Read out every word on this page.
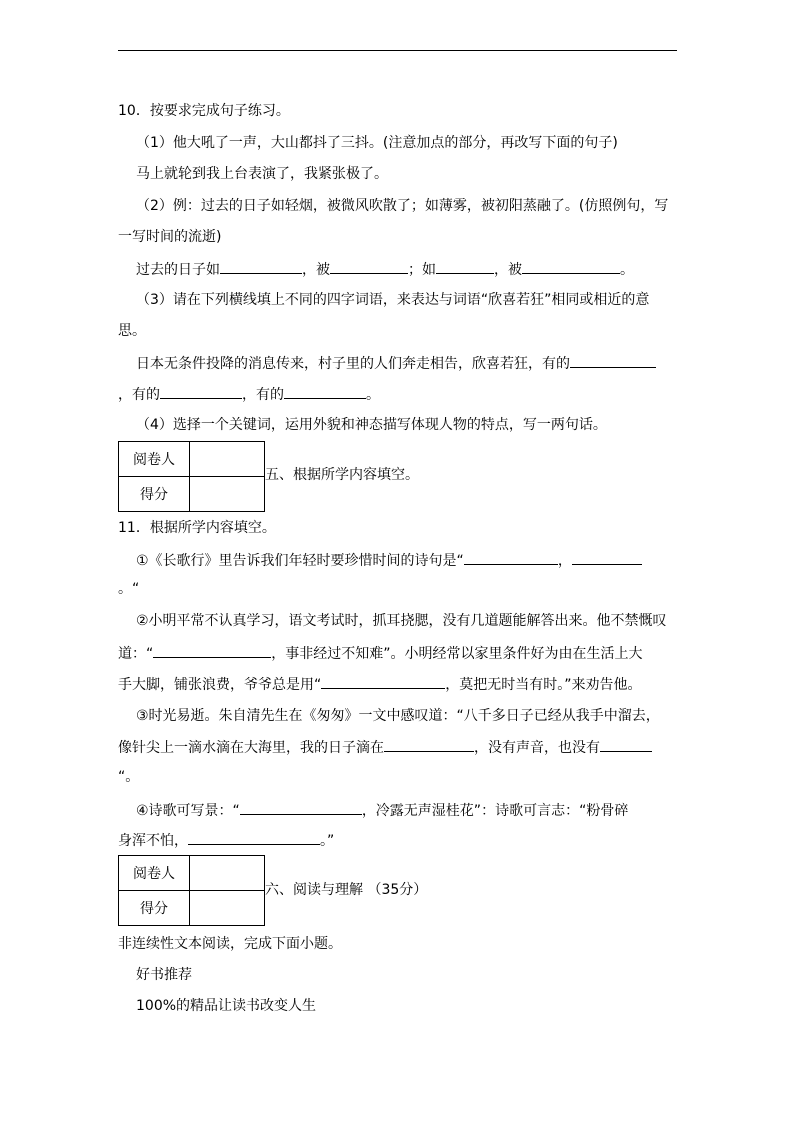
10．按要求完成句子练习。
（1）他大吼了一声，大山都抖了三抖。(注意加点的部分，再改写下面的句子)
马上就轮到我上台表演了，我紧张极了。
（2）例：过去的日子如轻烟，被微风吹散了；如薄雾，被初阳蒸融了。(仿照例句，写
一写时间的流逝)
过去的日子如	，被	；如	，被	。
（3）请在下列横线填上不同的四字词语，来表达与词语“欣喜若狂”相同或相近的意
思。
日本无条件投降的消息传来，村子里的人们奔走相告，欣喜若狂，有的
，有的	，有的	。
（4）选择一个关键词，运用外貌和神态描写体现人物的特点，写一两句话。
阅卷人	
得分	
五、根据所学内容填空。
11．根据所学内容填空。
①《长歌行》里告诉我们年轻时要珍惜时间的诗句是“	，
。“
②小明平常不认真学习，语文考试时，抓耳挠腮，没有几道题能解答出来。他不禁慨叹
道：“	，事非经过不知难”。小明经常以家里条件好为由在生活上大
手大脚，铺张浪费，爷爷总是用“	，莫把无时当有时。”来劝告他。
③时光易逝。朱自清先生在《匆匆》一文中感叹道：“八千多日子已经从我手中溜去，
像针尖上一滴水滴在大海里，我的日子滴在	，没有声音，也没有
“。
④诗歌可写景：“	，冷露无声湿桂花”：诗歌可言志：“粉骨碎
身浑不怕，	。”
阅卷人	
得分	
六、阅读与理解 （35分）
非连续性文本阅读，完成下面小题。
好书推荐
100%的精品让读书改变人生
